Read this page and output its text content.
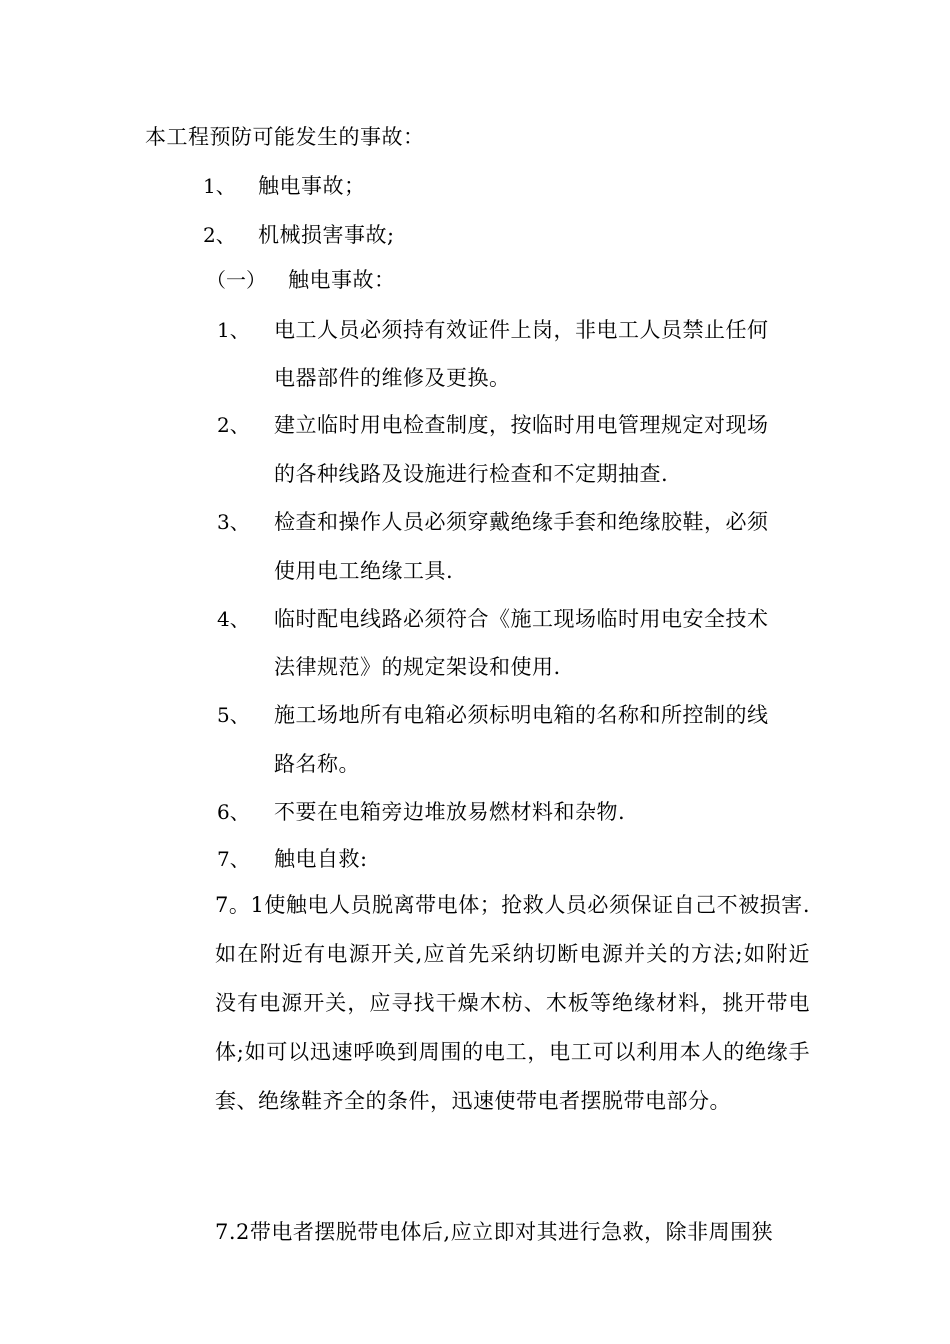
本工程预防可能发生的事故：
1、 触电事故；
2、 机械损害事故;
（一） 触电事故：
1、 电工人员必须持有效证件上岗，非电工人员禁止任何
电器部件的维修及更换。
2、 建立临时用电检查制度，按临时用电管理规定对现场
的各种线路及设施进行检查和不定期抽查.
3、 检查和操作人员必须穿戴绝缘手套和绝缘胶鞋，必须
使用电工绝缘工具.
4、 临时配电线路必须符合《施工现场临时用电安全技术
法律规范》的规定架设和使用.
5、 施工场地所有电箱必须标明电箱的名称和所控制的线
路名称。
6、 不要在电箱旁边堆放易燃材料和杂物.
7、 触电自救:
7。1使触电人员脱离带电体；抢救人员必须保证自己不被损害.如在附近有电源开关,应首先采纳切断电源并关的方法;如附近没有电源开关，应寻找干燥木枋、木板等绝缘材料，挑开带电体;如可以迅速呼唤到周围的电工，电工可以利用本人的绝缘手套、绝缘鞋齐全的条件，迅速使带电者摆脱带电部分。
7.2带电者摆脱带电体后,应立即对其进行急救，除非周围狭
